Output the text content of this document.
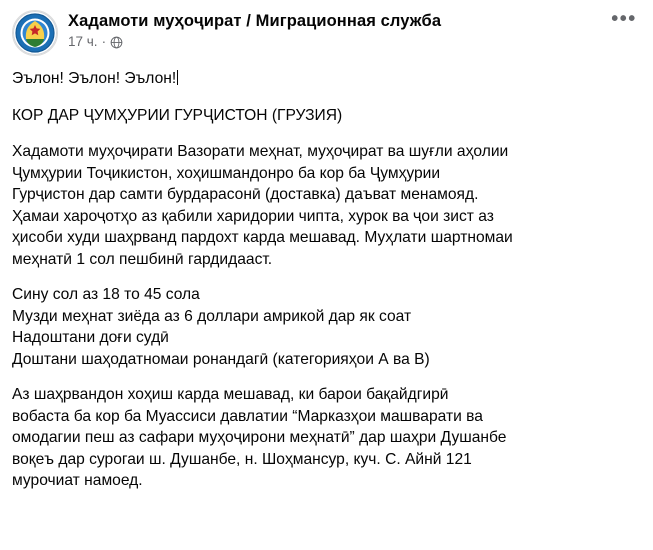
Хадамоти муҳоҷират / Миграционная служба
17 ч. ·
•••

Эълон! Эълон! Эълон!

КОР ДАР ҶУМҲУРИИ ГУРҶИСТОН (ГРУЗИЯ)

Хадамоти муҳоҷирати Вазорати меҳнат, муҳоҷират ва шуғли аҳолии

Ҷумҳурии Тоҷикистон, хоҳишмандонро ба кор ба Ҷумҳурии

Гурҷистон дар самти бурдарасонӣ (доставка) даъват менамояд.

Ҳамаи хароҷотҳо аз қабили харидории чипта, хурок ва ҷои зист аз

ҳисоби худи шаҳрванд пардохт карда мешавад. Муҳлати шартномаи

меҳнатӣ 1 сол пешбинӣ гардидааст.

Сину сол аз 18 то 45 сола

Музди меҳнат зиёда аз 6 доллари амрикой дар як соат

Надоштани доғи судӣ

Доштани шаҳодатномаи ронандагӣ (категорияҳои А ва В)

Аз шаҳрвандон хоҳиш карда мешавад, ки барои бақайдгирӣ

вобаста ба кор ба Муассиси давлатии “Марказҳои машварати ва

омодагии пеш аз сафари муҳоҷирони меҳнатӣ” дар шаҳри Душанбе

воқеъ дар сурогаи ш. Душанбе, н. Шоҳмансур, куч. С. Айнй 121

мурочиат намоед.
